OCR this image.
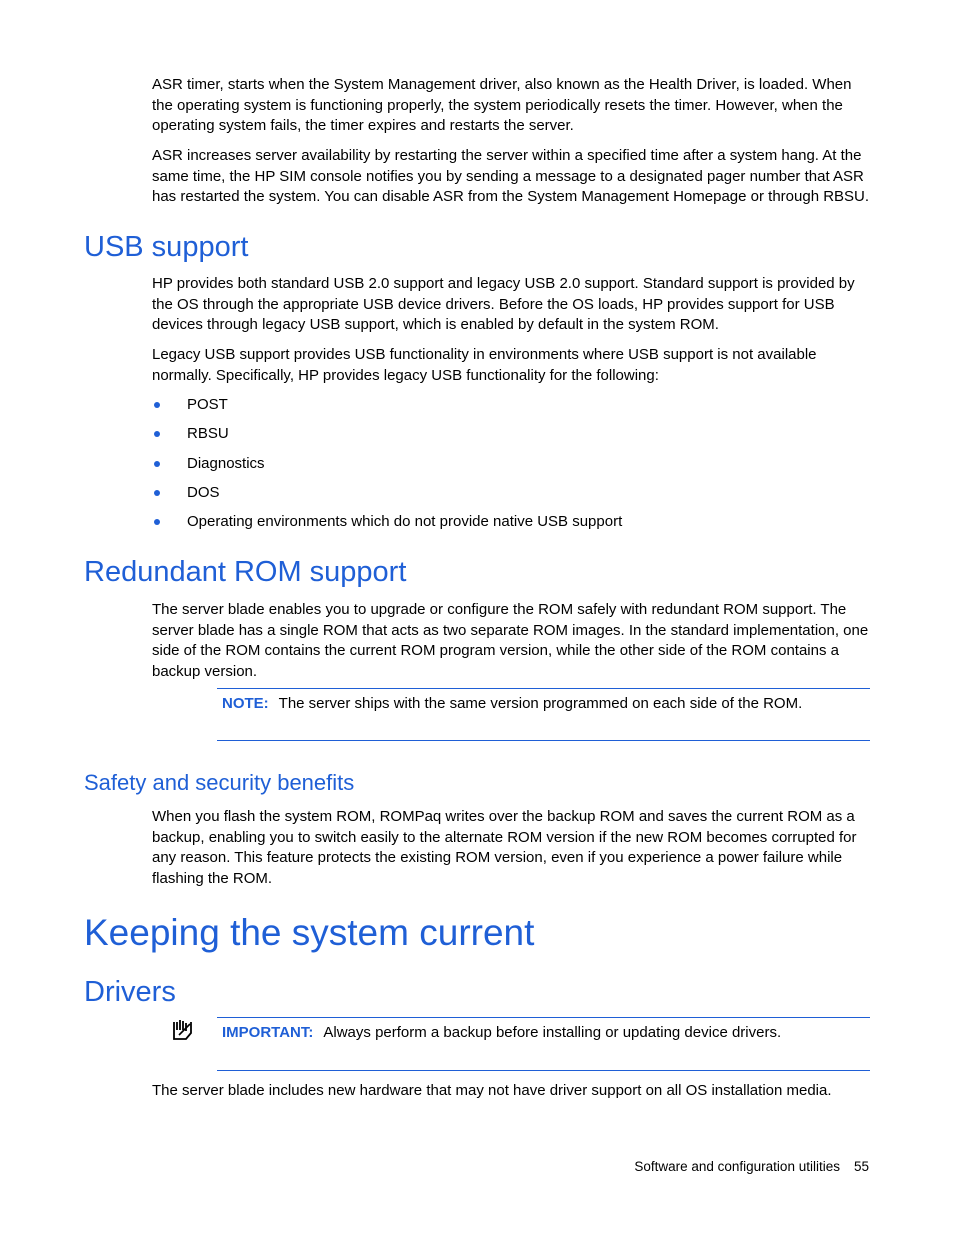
ASR timer, starts when the System Management driver, also known as the Health Driver, is loaded. When the operating system is functioning properly, the system periodically resets the timer. However, when the operating system fails, the timer expires and restarts the server.

ASR increases server availability by restarting the server within a specified time after a system hang. At the same time, the HP SIM console notifies you by sending a message to a designated pager number that ASR has restarted the system. You can disable ASR from the System Management Homepage or through RBSU.

USB support

HP provides both standard USB 2.0 support and legacy USB 2.0 support. Standard support is provided by the OS through the appropriate USB device drivers. Before the OS loads, HP provides support for USB devices through legacy USB support, which is enabled by default in the system ROM.

Legacy USB support provides USB functionality in environments where USB support is not available normally. Specifically, HP provides legacy USB functionality for the following:

POST
RBSU
Diagnostics
DOS
Operating environments which do not provide native USB support
Redundant ROM support

The server blade enables you to upgrade or configure the ROM safely with redundant ROM support. The server blade has a single ROM that acts as two separate ROM images. In the standard implementation, one side of the ROM contains the current ROM program version, while the other side of the ROM contains a backup version.

NOTE: The server ships with the same version programmed on each side of the ROM.
Safety and security benefits

When you flash the system ROM, ROMPaq writes over the backup ROM and saves the current ROM as a backup, enabling you to switch easily to the alternate ROM version if the new ROM becomes corrupted for any reason. This feature protects the existing ROM version, even if you experience a power failure while flashing the ROM.

Keeping the system current
Drivers
IMPORTANT: Always perform a backup before installing or updating device drivers.

The server blade includes new hardware that may not have driver support on all OS installation media.

Software and configuration utilities 55
